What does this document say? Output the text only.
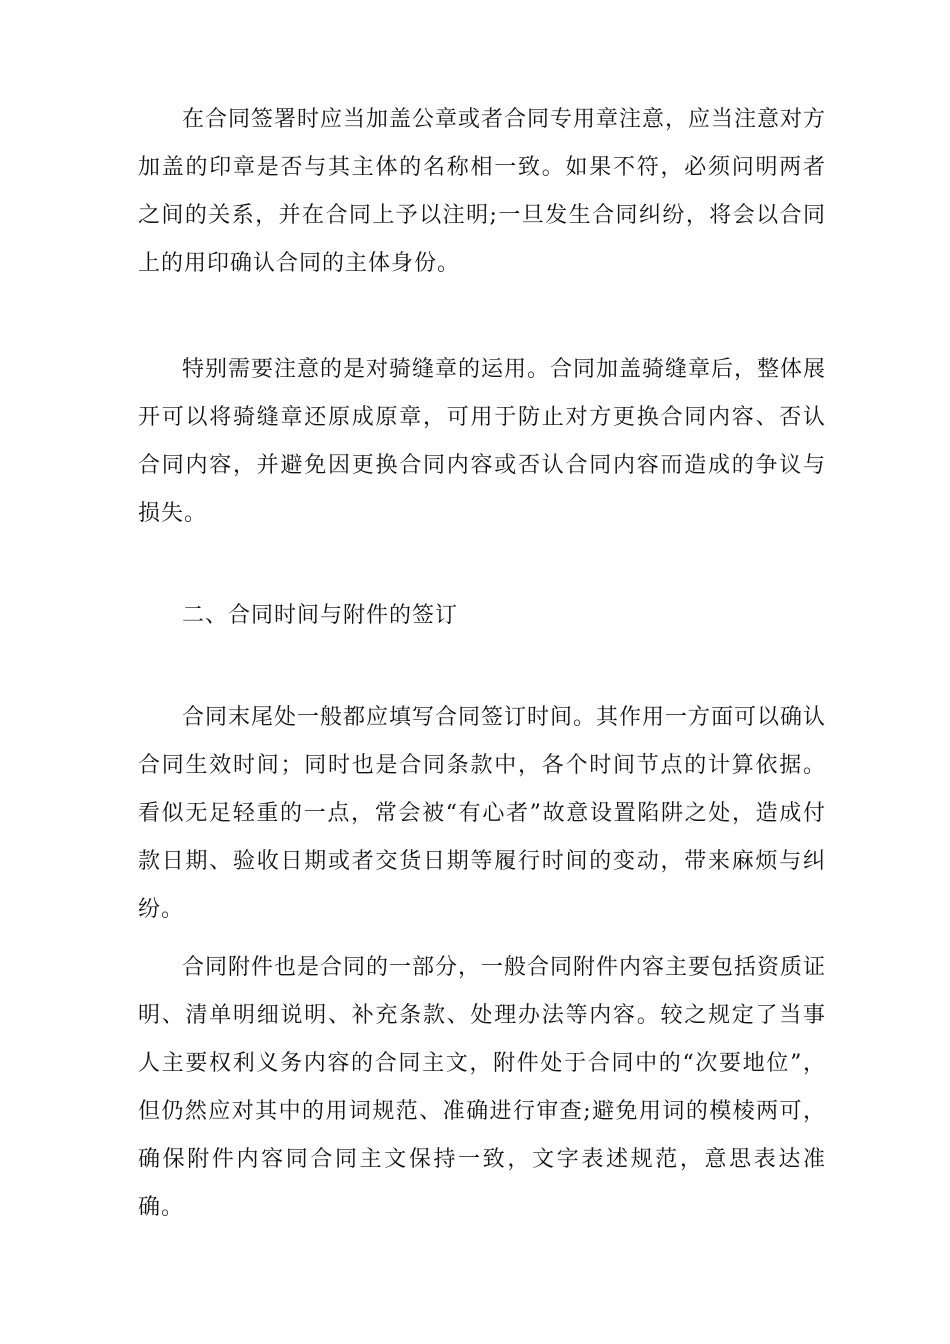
在合同签署时应当加盖公章或者合同专用章注意，应当注意对方加盖的印章是否与其主体的名称相一致。如果不符，必须问明两者之间的关系，并在合同上予以注明;一旦发生合同纠纷，将会以合同上的用印确认合同的主体身份。

特别需要注意的是对骑缝章的运用。合同加盖骑缝章后，整体展开可以将骑缝章还原成原章，可用于防止对方更换合同内容、否认合同内容，并避免因更换合同内容或否认合同内容而造成的争议与损失。

二、合同时间与附件的签订

合同末尾处一般都应填写合同签订时间。其作用一方面可以确认合同生效时间；同时也是合同条款中，各个时间节点的计算依据。看似无足轻重的一点，常会被“有心者”故意设置陷阱之处，造成付款日期、验收日期或者交货日期等履行时间的变动，带来麻烦与纠纷。

合同附件也是合同的一部分，一般合同附件内容主要包括资质证明、清单明细说明、补充条款、处理办法等内容。较之规定了当事人主要权利义务内容的合同主文，附件处于合同中的“次要地位”，但仍然应对其中的用词规范、准确进行审查;避免用词的模棱两可，确保附件内容同合同主文保持一致，文字表述规范，意思表达准确。
